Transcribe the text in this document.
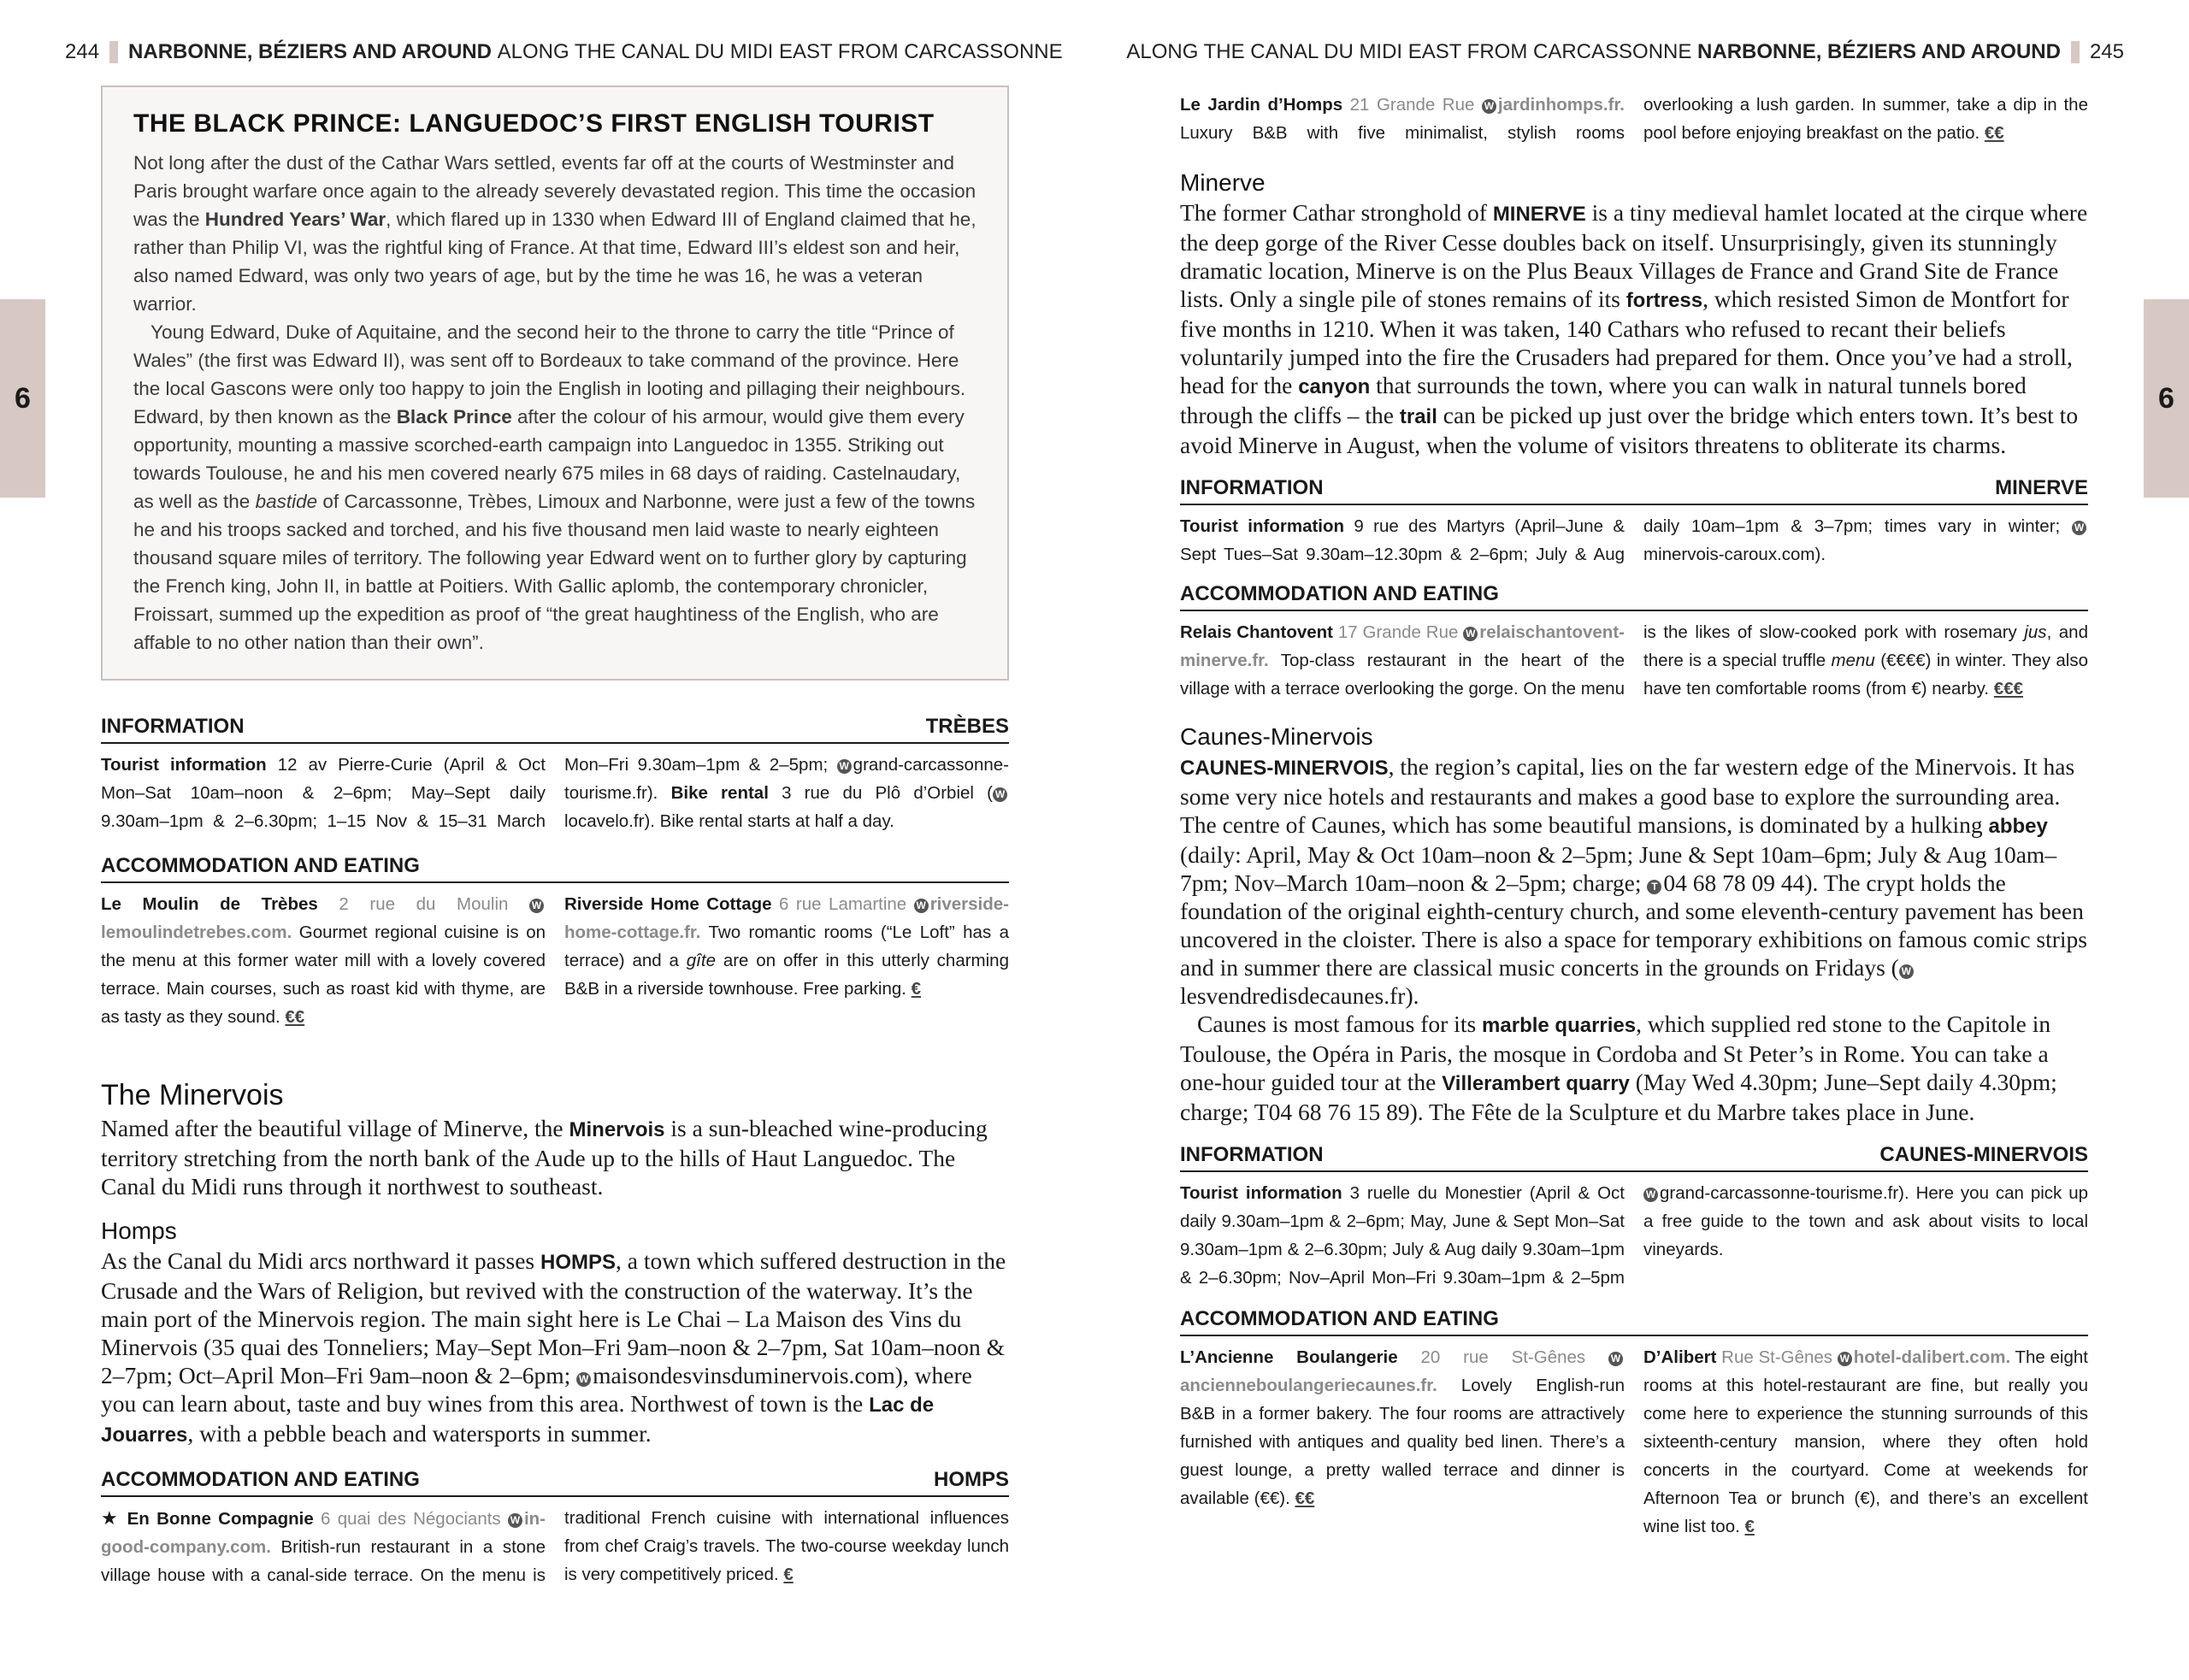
244 NARBONNE, BÉZIERS AND AROUND
ALONG THE CANAL DU MIDI EAST FROM CARCASSONNE	ALONG THE CANAL DU MIDI EAST FROM CARCASSONNE
NARBONNE, BÉZIERS AND AROUND 245
6	6
THE BLACK PRINCE: LANGUEDOC’S FIRST ENGLISH TOURIST

Not long after the dust of the Cathar Wars settled, events far off at the courts of Westminster and Paris brought warfare once again to the already severely devastated region. This time the occasion was the Hundred Years’ War, which flared up in 1330 when Edward III of England claimed that he, rather than Philip VI, was the rightful king of France. At that time, Edward III’s eldest son and heir, also named Edward, was only two years of age, but by the time he was 16, he was a veteran warrior.

Young Edward, Duke of Aquitaine, and the second heir to the throne to carry the title “Prince of Wales” (the first was Edward II), was sent off to Bordeaux to take command of the province. Here the local Gascons were only too happy to join the English in looting and pillaging their neighbours. Edward, by then known as the Black Prince after the colour of his armour, would give them every opportunity, mounting a massive scorched-earth campaign into Languedoc in 1355. Striking out towards Toulouse, he and his men covered nearly 675 miles in 68 days of raiding. Castelnaudary, as well as the bastide of Carcassonne, Trèbes, Limoux and Narbonne, were just a few of the towns he and his troops sacked and torched, and his five thousand men laid waste to nearly eighteen thousand square miles of territory. The following year Edward went on to further glory by capturing the French king, John II, in battle at Poitiers. With Gallic aplomb, the contemporary chronicler, Froissart, summed up the expedition as proof of “the great haughtiness of the English, who are affable to no other nation than their own”.

INFORMATION	TRÈBES

Tourist information 12 av Pierre-Curie (April & Oct Mon–Sat 10am–noon & 2–6pm; May–Sept daily 9.30am–1pm & 2–6.30pm; 1–15 Nov & 15–31 March Mon–Fri 9.30am–1pm & 2–5pm; W grand-carcassonne-tourisme.fr). Bike rental 3 rue du Plô d’Orbiel ( Wlocavelo.fr). Bike rental starts at half a day.

ACCOMMODATION AND EATING

Le Moulin de Trèbes 2 rue du Moulin Wlemoulindetrebes.com. Gourmet regional cuisine is on the menu at this former water mill with a lovely covered terrace. Main courses, such as roast kid with thyme, are as tasty as they sound. €€

Riverside Home Cottage 6 rue Lamartine W riverside-home-cottage.fr. Two romantic rooms (“Le Loft” has a terrace) and a gîte are on offer in this utterly charming B&B in a riverside townhouse. Free parking. €

The Minervois

Named after the beautiful village of Minerve, the Minervois is a sun-bleached wine-producing territory stretching from the north bank of the Aude up to the hills of Haut Languedoc. The Canal du Midi runs through it northwest to southeast.

Homps

As the Canal du Midi arcs northward it passes HOMPS, a town which suffered destruction in the Crusade and the Wars of Religion, but revived with the construction of the waterway. It’s the main port of the Minervois region. The main sight here is Le Chai – La Maison des Vins du Minervois (35 quai des Tonneliers; May–Sept Mon–Fri 9am–noon & 2–7pm, Sat 10am–noon & 2–7pm; Oct–April Mon–Fri 9am–noon & 2–6pm; W maisondesvinsduminervois.com), where you can learn about, taste and buy wines from this area. Northwest of town is the Lac de Jouarres, with a pebble beach and watersports in summer.

ACCOMMODATION AND EATING	HOMPS

★ En Bonne Compagnie 6 quai des Négociants W in-good-company.com. British-run restaurant in a stone village house with a canal-side terrace. On the menu is traditional French cuisine with international influences from chef Craig’s travels. The two-course weekday lunch is very competitively priced. €

Le Jardin d’Homps 21 Grande Rue W jardinhomps.fr. Luxury B&B with five minimalist, stylish rooms overlooking a lush garden. In summer, take a dip in the pool before enjoying breakfast on the patio. €€

Minerve

The former Cathar stronghold of MINERVE is a tiny medieval hamlet located at the cirque where the deep gorge of the River Cesse doubles back on itself. Unsurprisingly, given its stunningly dramatic location, Minerve is on the Plus Beaux Villages de France and Grand Site de France lists. Only a single pile of stones remains of its fortress, which resisted Simon de Montfort for five months in 1210. When it was taken, 140 Cathars who refused to recant their beliefs voluntarily jumped into the fire the Crusaders had prepared for them. Once you’ve had a stroll, head for the canyon that surrounds the town, where you can walk in natural tunnels bored through the cliffs – the trail can be picked up just over the bridge which enters town. It’s best to avoid Minerve in August, when the volume of visitors threatens to obliterate its charms.

INFORMATION	MINERVE

Tourist information 9 rue des Martyrs (April–June & Sept Tues–Sat 9.30am–12.30pm & 2–6pm; July & Aug daily 10am–1pm & 3–7pm; times vary in winter; Wminervois-caroux.com).

ACCOMMODATION AND EATING

Relais Chantovent 17 Grande Rue W relaischantovent-minerve.fr. Top-class restaurant in the heart of the village with a terrace overlooking the gorge. On the menu is the likes of slow-cooked pork with rosemary jus, and there is a special truffle menu (€€€€) in winter. They also have ten comfortable rooms (from €) nearby. €€€

Caunes-Minervois

CAUNES-MINERVOIS, the region’s capital, lies on the far western edge of the Minervois. It has some very nice hotels and restaurants and makes a good base to explore the surrounding area. The centre of Caunes, which has some beautiful mansions, is dominated by a hulking abbey (daily: April, May & Oct 10am–noon & 2–5pm; June & Sept 10am–6pm; July & Aug 10am–7pm; Nov–March 10am–noon & 2–5pm; charge; T 04 68 78 09 44). The crypt holds the foundation of the original eighth-century church, and some eleventh-century pavement has been uncovered in the cloister. There is also a space for temporary exhibitions on famous comic strips and in summer there are classical music concerts in the grounds on Fridays ( Wlesvendredisdecaunes.fr).

Caunes is most famous for its marble quarries, which supplied red stone to the Capitole in Toulouse, the Opéra in Paris, the mosque in Cordoba and St Peter’s in Rome. You can take a one-hour guided tour at the Villerambert quarry (May Wed 4.30pm; June–Sept daily 4.30pm; charge; T04 68 76 15 89). The Fête de la Sculpture et du Marbre takes place in June.

INFORMATION	CAUNES-MINERVOIS

Tourist information 3 ruelle du Monestier (April & Oct daily 9.30am–1pm & 2–6pm; May, June & Sept Mon–Sat 9.30am–1pm & 2–6.30pm; July & Aug daily 9.30am–1pm & 2–6.30pm; Nov–April Mon–Fri 9.30am–1pm & 2–5pm W grand-carcassonne-tourisme.fr). Here you can pick up a free guide to the town and ask about visits to local vineyards.

ACCOMMODATION AND EATING

L’Ancienne Boulangerie 20 rue St-Gênes Wancienneboulangeriecaunes.fr. Lovely English-run B&B in a former bakery. The four rooms are attractively furnished with antiques and quality bed linen. There’s a guest lounge, a pretty walled terrace and dinner is available (€€). €€

D’Alibert Rue St-Gênes W hotel-dalibert.com. The eight rooms at this hotel-restaurant are fine, but really you come here to experience the stunning surrounds of this sixteenth-century mansion, where they often hold concerts in the courtyard. Come at weekends for Afternoon Tea or brunch (€), and there’s an excellent wine list too. €
